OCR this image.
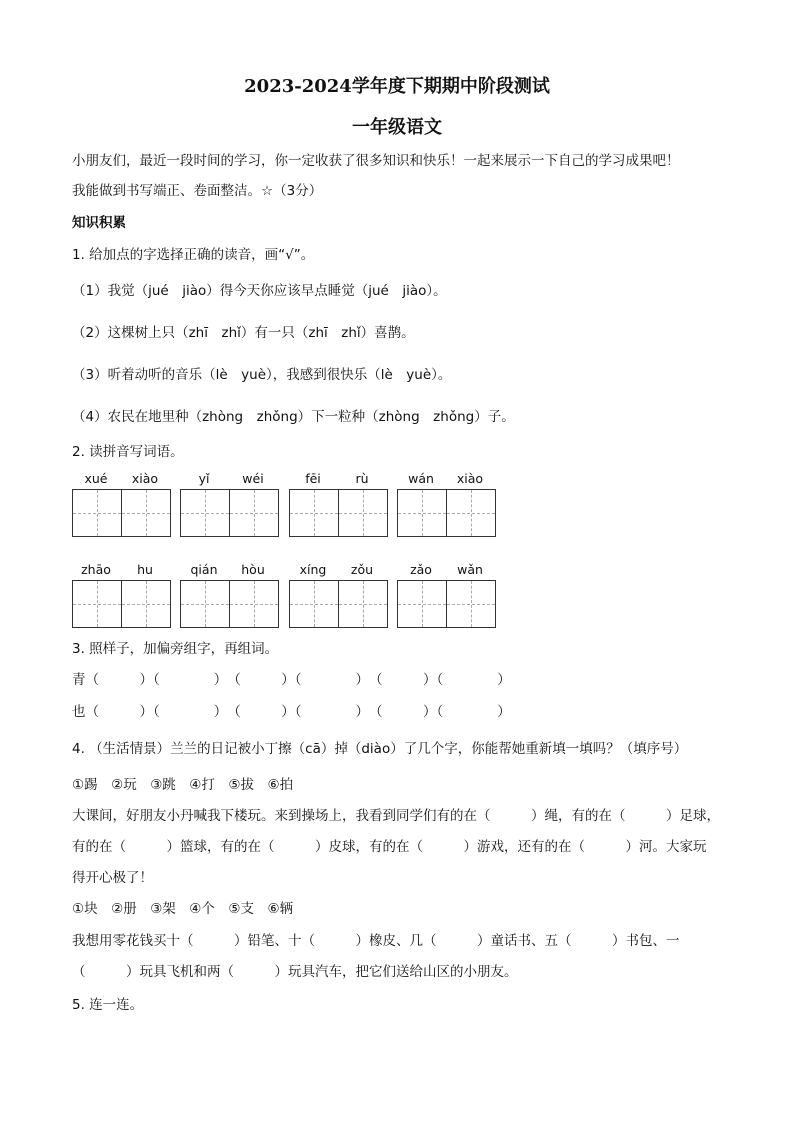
2023-2024学年度下期期中阶段测试
一年级语文
小朋友们，最近一段时间的学习，你一定收获了很多知识和快乐！一起来展示一下自己的学习成果吧！
我能做到书写端正、卷面整洁。☆（3分）
知识积累
1. 给加点的字选择正确的读音，画“√”。
（1）我觉（jué　jiào）得今天你应该早点睡觉（jué　jiào）。
（2）这棵树上只（zhī　zhǐ）有一只（zhī　zhǐ）喜鹊。
（3）听着动听的音乐（lè　yuè），我感到很快乐（lè　yuè）。
（4）农民在地里种（zhòng　zhǒng）下一粒种（zhòng　zhǒng）子。
2. 读拼音写词语。
xué	xiào	yǐ	wéi	fēi	rù	wán	xiào
zhāo	hu	qián	hòu	xíng	zǒu	zǎo	wǎn
3. 照样子，加偏旁组字，再组词。
青（　　　）（　　　　）　（　　　）（　　　　）　（　　　）（　　　　）
也（　　　）（　　　　）　（　　　）（　　　　）　（　　　）（　　　　）
4. （生活情景）兰兰的日记被小丁擦（cā）掉（diào）了几个字，你能帮她重新填一填吗？（填序号）
①踢　②玩　③跳　④打　⑤拔　⑥拍
大课间，好朋友小丹喊我下楼玩。来到操场上，我看到同学们有的在（　　　）绳，有的在（　　　）足球，
有的在（　　　）篮球，有的在（　　　）皮球，有的在（　　　）游戏，还有的在（　　　）河。大家玩
得开心极了！
①块　②册　③架　④个　⑤支　⑥辆
我想用零花钱买十（　　　）铅笔、十（　　　）橡皮、几（　　　）童话书、五（　　　）书包、一
（　　　）玩具飞机和两（　　　）玩具汽车，把它们送给山区的小朋友。
5. 连一连。
